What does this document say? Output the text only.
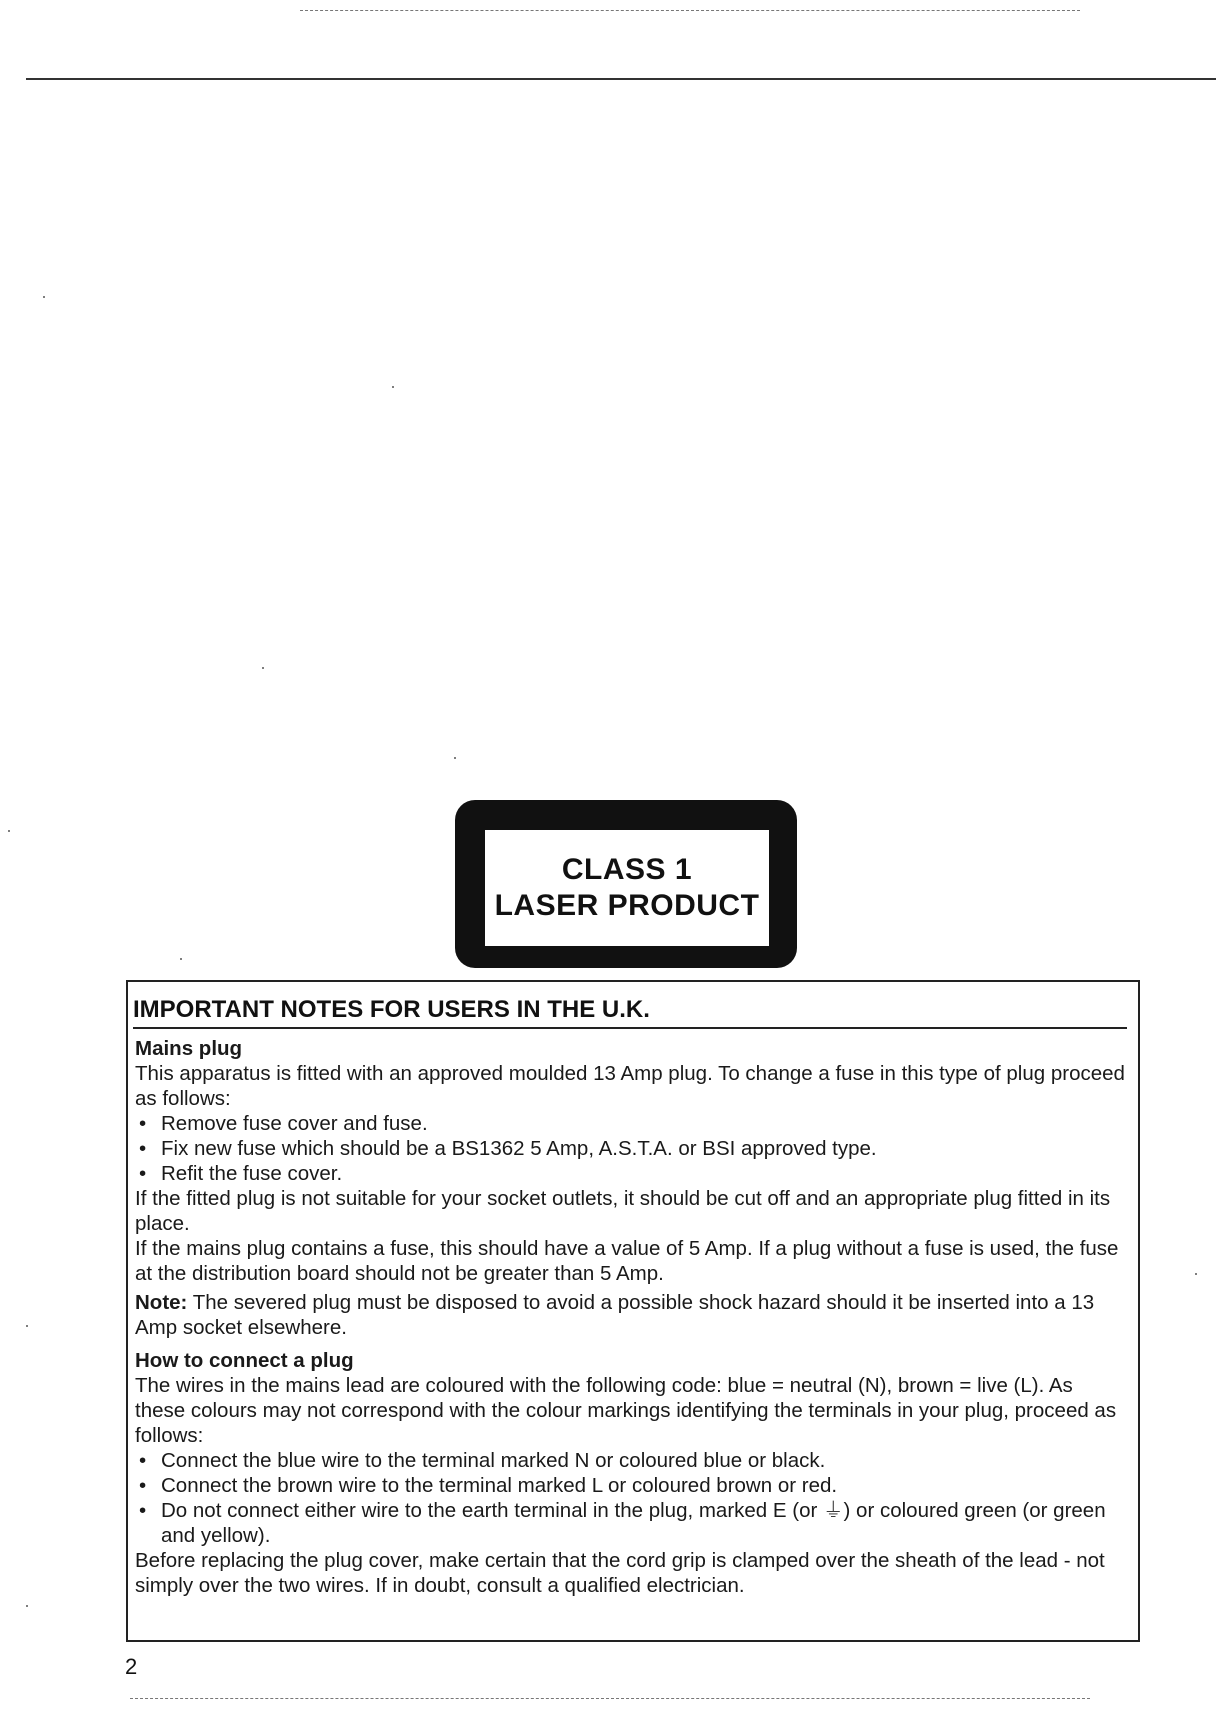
CLASS 1
LASER PRODUCT
IMPORTANT NOTES FOR USERS IN THE U.K.

Mains plug

This apparatus is fitted with an approved moulded 13 Amp plug. To change a fuse in this type of plug proceed as follows:

• Remove fuse cover and fuse.
• Fix new fuse which should be a BS1362 5 Amp, A.S.T.A. or BSI approved type.
• Refit the fuse cover.

If the fitted plug is not suitable for your socket outlets, it should be cut off and an appropriate plug fitted in its place.

If the mains plug contains a fuse, this should have a value of 5 Amp. If a plug without a fuse is used, the fuse at the distribution board should not be greater than 5 Amp.

Note: The severed plug must be disposed to avoid a possible shock hazard should it be inserted into a 13 Amp socket elsewhere.

How to connect a plug

The wires in the mains lead are coloured with the following code: blue = neutral (N), brown = live (L). As these colours may not correspond with the colour markings identifying the terminals in your plug, proceed as follows:

• Connect the blue wire to the terminal marked N or coloured blue or black.
• Connect the brown wire to the terminal marked L or coloured brown or red.
• Do not connect either wire to the earth terminal in the plug, marked E (or ⏚) or coloured green (or green and yellow).

Before replacing the plug cover, make certain that the cord grip is clamped over the sheath of the lead - not simply over the two wires. If in doubt, consult a qualified electrician.

2
